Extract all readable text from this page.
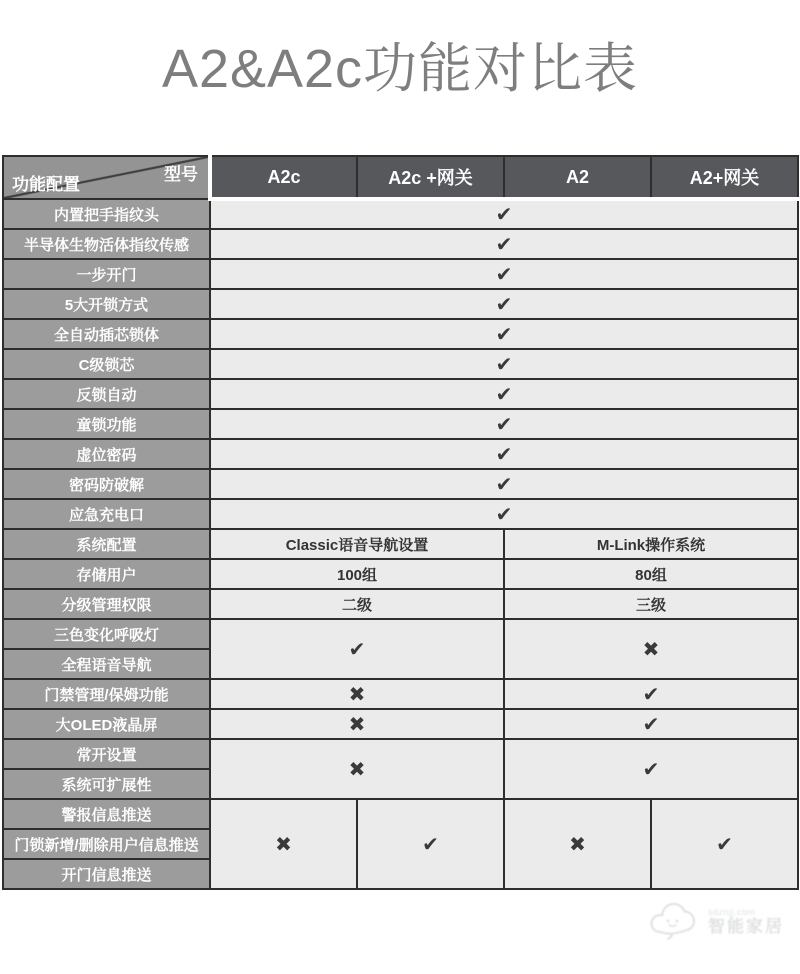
A2&A2c功能对比表
型号
功能配置	A2c	A2c +网关	A2	A2+网关
内置把手指纹头	✔			
半导体生物活体指纹传感	✔			
一步开门	✔			
5大开锁方式	✔			
全自动插芯锁体	✔			
C级锁芯	✔			
反锁自动	✔			
童锁功能	✔			
虚位密码	✔			
密码防破解	✔			
应急充电口	✔			
系统配置	Classic语音导航设置		M-Link操作系统	
存储用户	100组		80组	
分级管理权限	二级		三级	
三色变化呼吸灯	✔		✖	
全程语音导航				
门禁管理/保姆功能	✖		✔	
大OLED液晶屏	✖		✔	
常开设置	✖		✔	
系统可扩展性				
警报信息推送	✖	✔	✖	✔
门锁新增/删除用户信息推送				
开门信息推送				
sdznjj.com
智能家居
